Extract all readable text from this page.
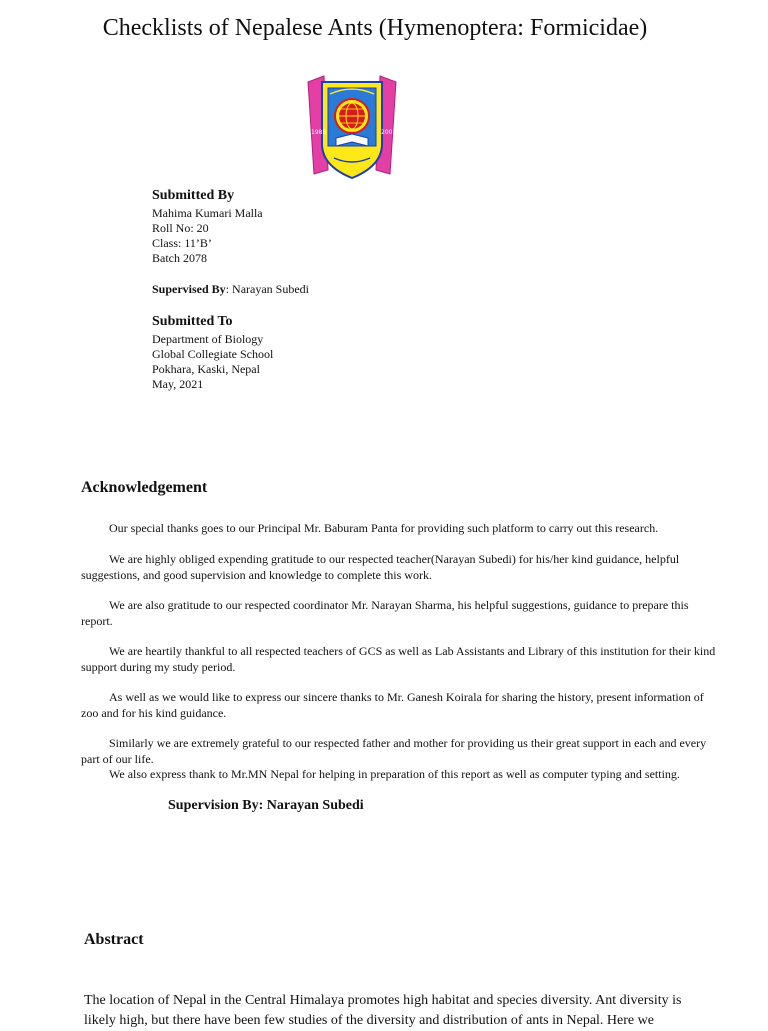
Checklists of Nepalese Ants (Hymenoptera: Formicidae)
1985	2002
Submitted By
Mahima Kumari Malla
Roll No: 20
Class: 11’B’
Batch 2078
Supervised By: Narayan Subedi
Submitted To
Department of Biology
Global Collegiate School
Pokhara, Kaski, Nepal
May, 2021
Acknowledgement
Our special thanks goes to our Principal Mr. Baburam Panta for providing such platform to carry out this research.
We are highly obliged expending gratitude to our respected teacher(Narayan Subedi) for his/her kind guidance, helpful suggestions, and good supervision and knowledge to complete this work.
We are also gratitude to our respected coordinator Mr. Narayan Sharma, his helpful suggestions, guidance to prepare this report.
We are heartily thankful to all respected teachers of GCS as well as Lab Assistants and Library of this institution for their kind support during my study period.
As well as we would like to express our sincere thanks to Mr. Ganesh Koirala for sharing the history, present information of zoo and for his kind guidance.
Similarly we are extremely grateful to our respected father and mother for providing us their great support in each and every part of our life.
We also express thank to Mr.MN Nepal for helping in preparation of this report as well as computer typing and setting.
Supervision By: Narayan Subedi
Abstract
The location of Nepal in the Central Himalaya promotes high habitat and species diversity. Ant diversity is likely high, but there have been few studies of the diversity and distribution of ants in Nepal. Here we
